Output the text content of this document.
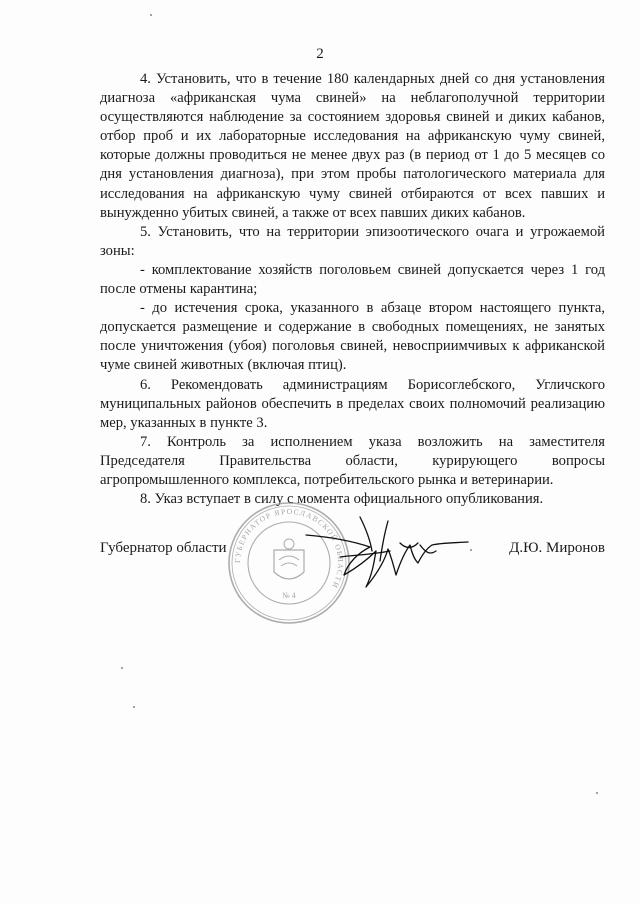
2

4. Установить, что в течение 180 календарных дней со дня установления диагноза «африканская чума свиней» на неблагополучной территории осуществляются наблюдение за состоянием здоровья свиней и диких кабанов, отбор проб и их лабораторные исследования на африканскую чуму свиней, которые должны проводиться не менее двух раз (в период от 1 до 5 месяцев со дня установления диагноза), при этом пробы патологического материала для исследования на африканскую чуму свиней отбираются от всех павших и вынужденно убитых свиней, а также от всех павших диких кабанов.

5. Установить, что на территории эпизоотического очага и угрожаемой зоны:

- комплектование хозяйств поголовьем свиней допускается через 1 год после отмены карантина;

- до истечения срока, указанного в абзаце втором настоящего пункта, допускается размещение и содержание в свободных помещениях, не занятых после уничтожения (убоя) поголовья свиней, невосприимчивых к африканской чуме свиней животных (включая птиц).

6. Рекомендовать администрациям Борисоглебского, Угличского муниципальных районов обеспечить в пределах своих полномочий реализацию мер, указанных в пункте 3.

7. Контроль за исполнением указа возложить на заместителя Председателя Правительства области, курирующего вопросы агропромышленного комплекса, потребительского рынка и ветеринарии.

8. Указ вступает в силу с момента официального опубликования.

Губернатор области	Д.Ю. Миронов
ГУБЕРНАТОР ЯРОСЛАВСКОЙ ОБЛАСТИ
№ 4
